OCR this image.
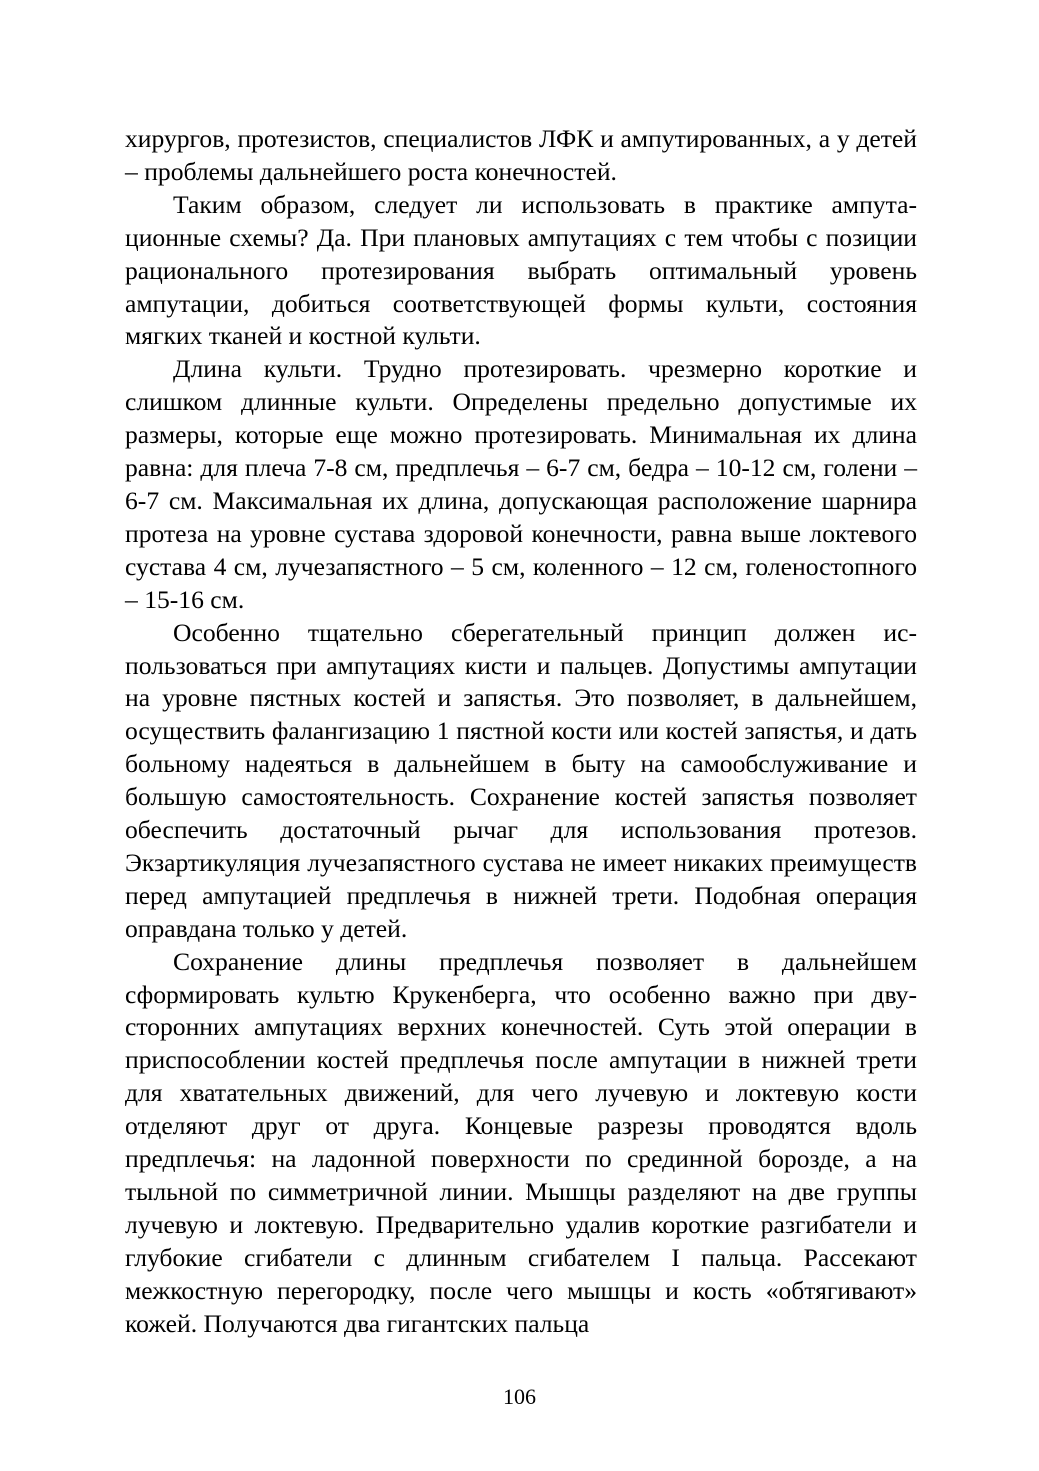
хирургов, протезистов, специалистов ЛФК и ампутированных, а у детей – проблемы дальнейшего роста конечностей.

Таким образом, следует ли использовать в практике ампутационные схемы? Да. При плановых ампутациях с тем чтобы с позиции рационального протезирования выбрать оптимальный уровень ампутации, добиться соответствующей формы культи, состояния мягких тканей и костной культи.

Длина культи. Трудно протезировать. чрезмерно короткие и слишком длинные культи. Определены предельно допустимые их размеры, которые еще можно протезировать. Минимальная их длина равна: для плеча 7-8 см, предплечья – 6-7 см, бедра – 10-12 см, голени – 6-7 см. Максимальная их длина, допускающая расположение шарнира протеза на уровне сустава здоровой конечности, равна выше локтевого сустава 4 см, лучезапястного – 5 см, коленного – 12 см, голеностопного – 15-16 см.

Особенно тщательно сберегательный принцип должен использоваться при ампутациях кисти и пальцев. Допустимы ампутации на уровне пястных костей и запястья. Это позволяет, в дальнейшем, осуществить фалангизацию 1 пястной кости или костей запястья, и дать больному надеяться в дальнейшем в быту на самообслуживание и большую самостоятельность. Сохранение костей запястья позволяет обеспечить достаточный рычаг для использования протезов. Экзартикуляция лучезапястного сустава не имеет никаких преимуществ перед ампутацией предплечья в нижней трети. Подобная операция оправдана только у детей.

Сохранение длины предплечья позволяет в дальнейшем сформировать культю Крукенберга, что особенно важно при двусторонних ампутациях верхних конечностей. Суть этой операции в приспособлении костей предплечья после ампутации в нижней трети для хватательных движений, для чего лучевую и локтевую кости отделяют друг от друга. Концевые разрезы проводятся вдоль предплечья: на ладонной поверхности по срединной борозде, а на тыльной по симметричной линии. Мышцы разделяют на две группы лучевую и локтевую. Предварительно удалив короткие разгибатели и глубокие сгибатели с длинным сгибателем I пальца. Рассекают межкостную перегородку, после чего мышцы и кость «обтягивают» кожей. Получаются два гигантских пальца

106
